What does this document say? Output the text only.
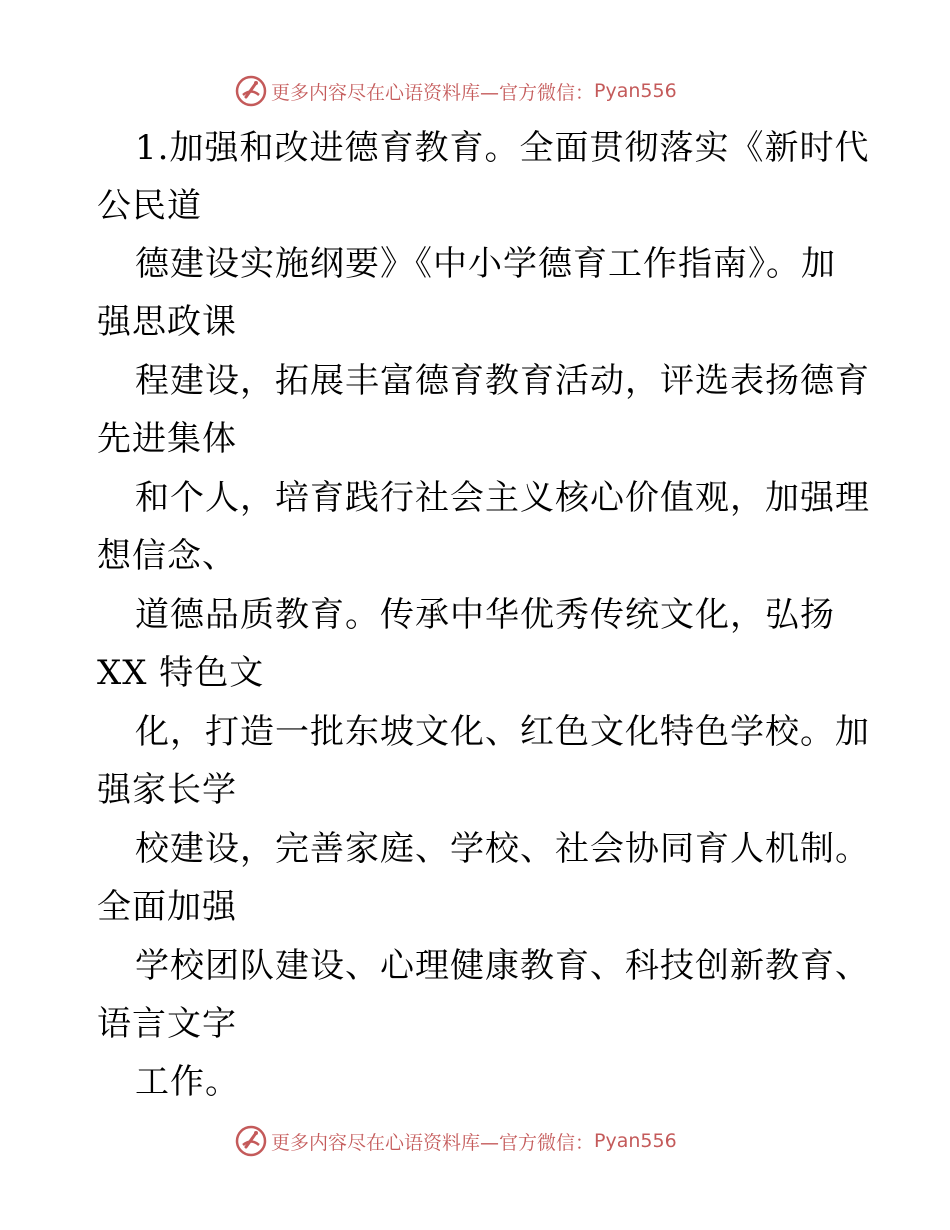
更多内容尽在心语资料库—官方微信： Pyan556
1.加强和改进德育教育。全面贯彻落实《新时代
公民道
德建设实施纲要》《中小学德育工作指南》。加
强思政课
程建设，拓展丰富德育教育活动，评选表扬德育
先进集体
和个人，培育践行社会主义核心价值观，加强理
想信念、
道德品质教育。传承中华优秀传统文化，弘扬
XX 特色文
化，打造一批东坡文化、红色文化特色学校。加
强家长学
校建设，完善家庭、学校、社会协同育人机制。
全面加强
学校团队建设、心理健康教育、科技创新教育、
语言文字
工作。
更多内容尽在心语资料库—官方微信： Pyan556
